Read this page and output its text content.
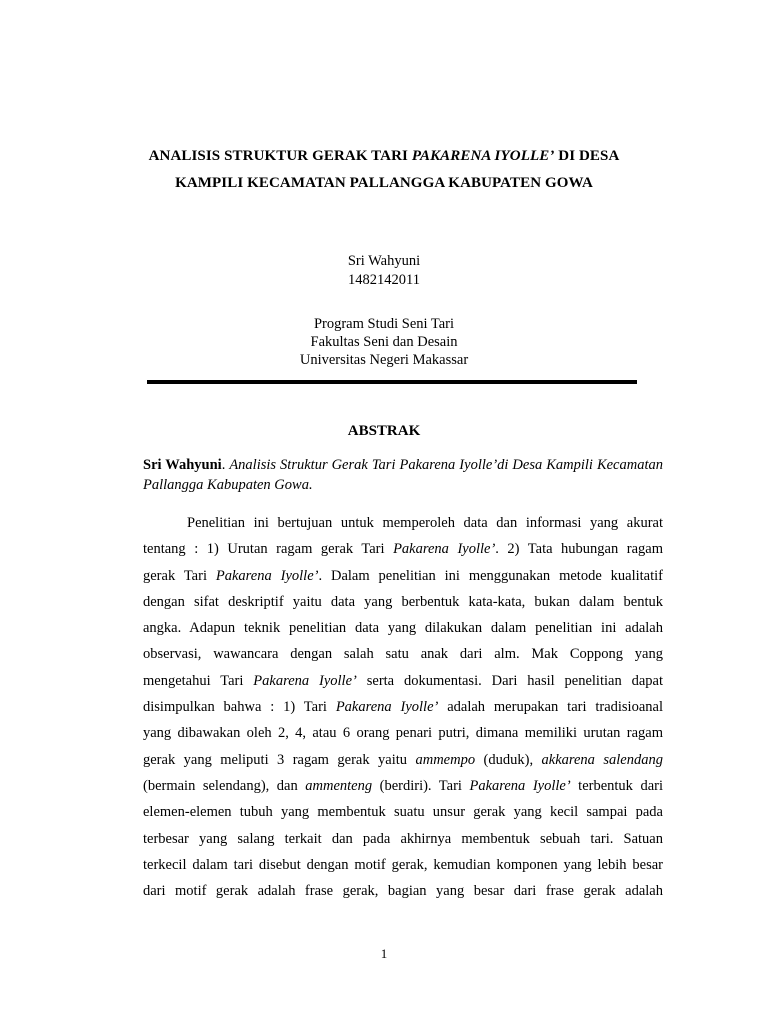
ANALISIS STRUKTUR GERAK TARI PAKARENA IYOLLE’ DI DESA
KAMPILI KECAMATAN PALLANGGA KABUPATEN GOWA
Sri Wahyuni
1482142011
Program Studi Seni Tari
Fakultas Seni dan Desain
Universitas Negeri Makassar
ABSTRAK
Sri Wahyuni. Analisis Struktur Gerak Tari Pakarena Iyolle’di Desa Kampili Kecamatan Pallangga Kabupaten Gowa.
Penelitian ini bertujuan untuk memperoleh data dan informasi yang akurat
tentang : 1) Urutan ragam gerak Tari Pakarena Iyolle’. 2) Tata hubungan ragam
gerak Tari Pakarena Iyolle’. Dalam penelitian ini menggunakan metode kualitatif
dengan sifat deskriptif yaitu data yang berbentuk kata-kata, bukan dalam bentuk
angka. Adapun teknik penelitian data yang dilakukan dalam penelitian ini adalah
observasi, wawancara dengan salah satu anak dari alm. Mak Coppong yang
mengetahui Tari Pakarena Iyolle’ serta dokumentasi. Dari hasil penelitian dapat
disimpulkan bahwa : 1) Tari Pakarena Iyolle’ adalah merupakan tari tradisioanal
yang dibawakan oleh 2, 4, atau 6 orang penari putri, dimana memiliki urutan ragam
gerak yang meliputi 3 ragam gerak yaitu ammempo (duduk), akkarena salendang
(bermain selendang), dan ammenteng (berdiri). Tari Pakarena Iyolle’ terbentuk dari
elemen-elemen tubuh yang membentuk suatu unsur gerak yang kecil sampai pada
terbesar yang salang terkait dan pada akhirnya membentuk sebuah tari. Satuan
terkecil dalam tari disebut dengan motif gerak, kemudian komponen yang lebih besar
dari motif gerak adalah frase gerak, bagian yang besar dari frase gerak adalah
1
